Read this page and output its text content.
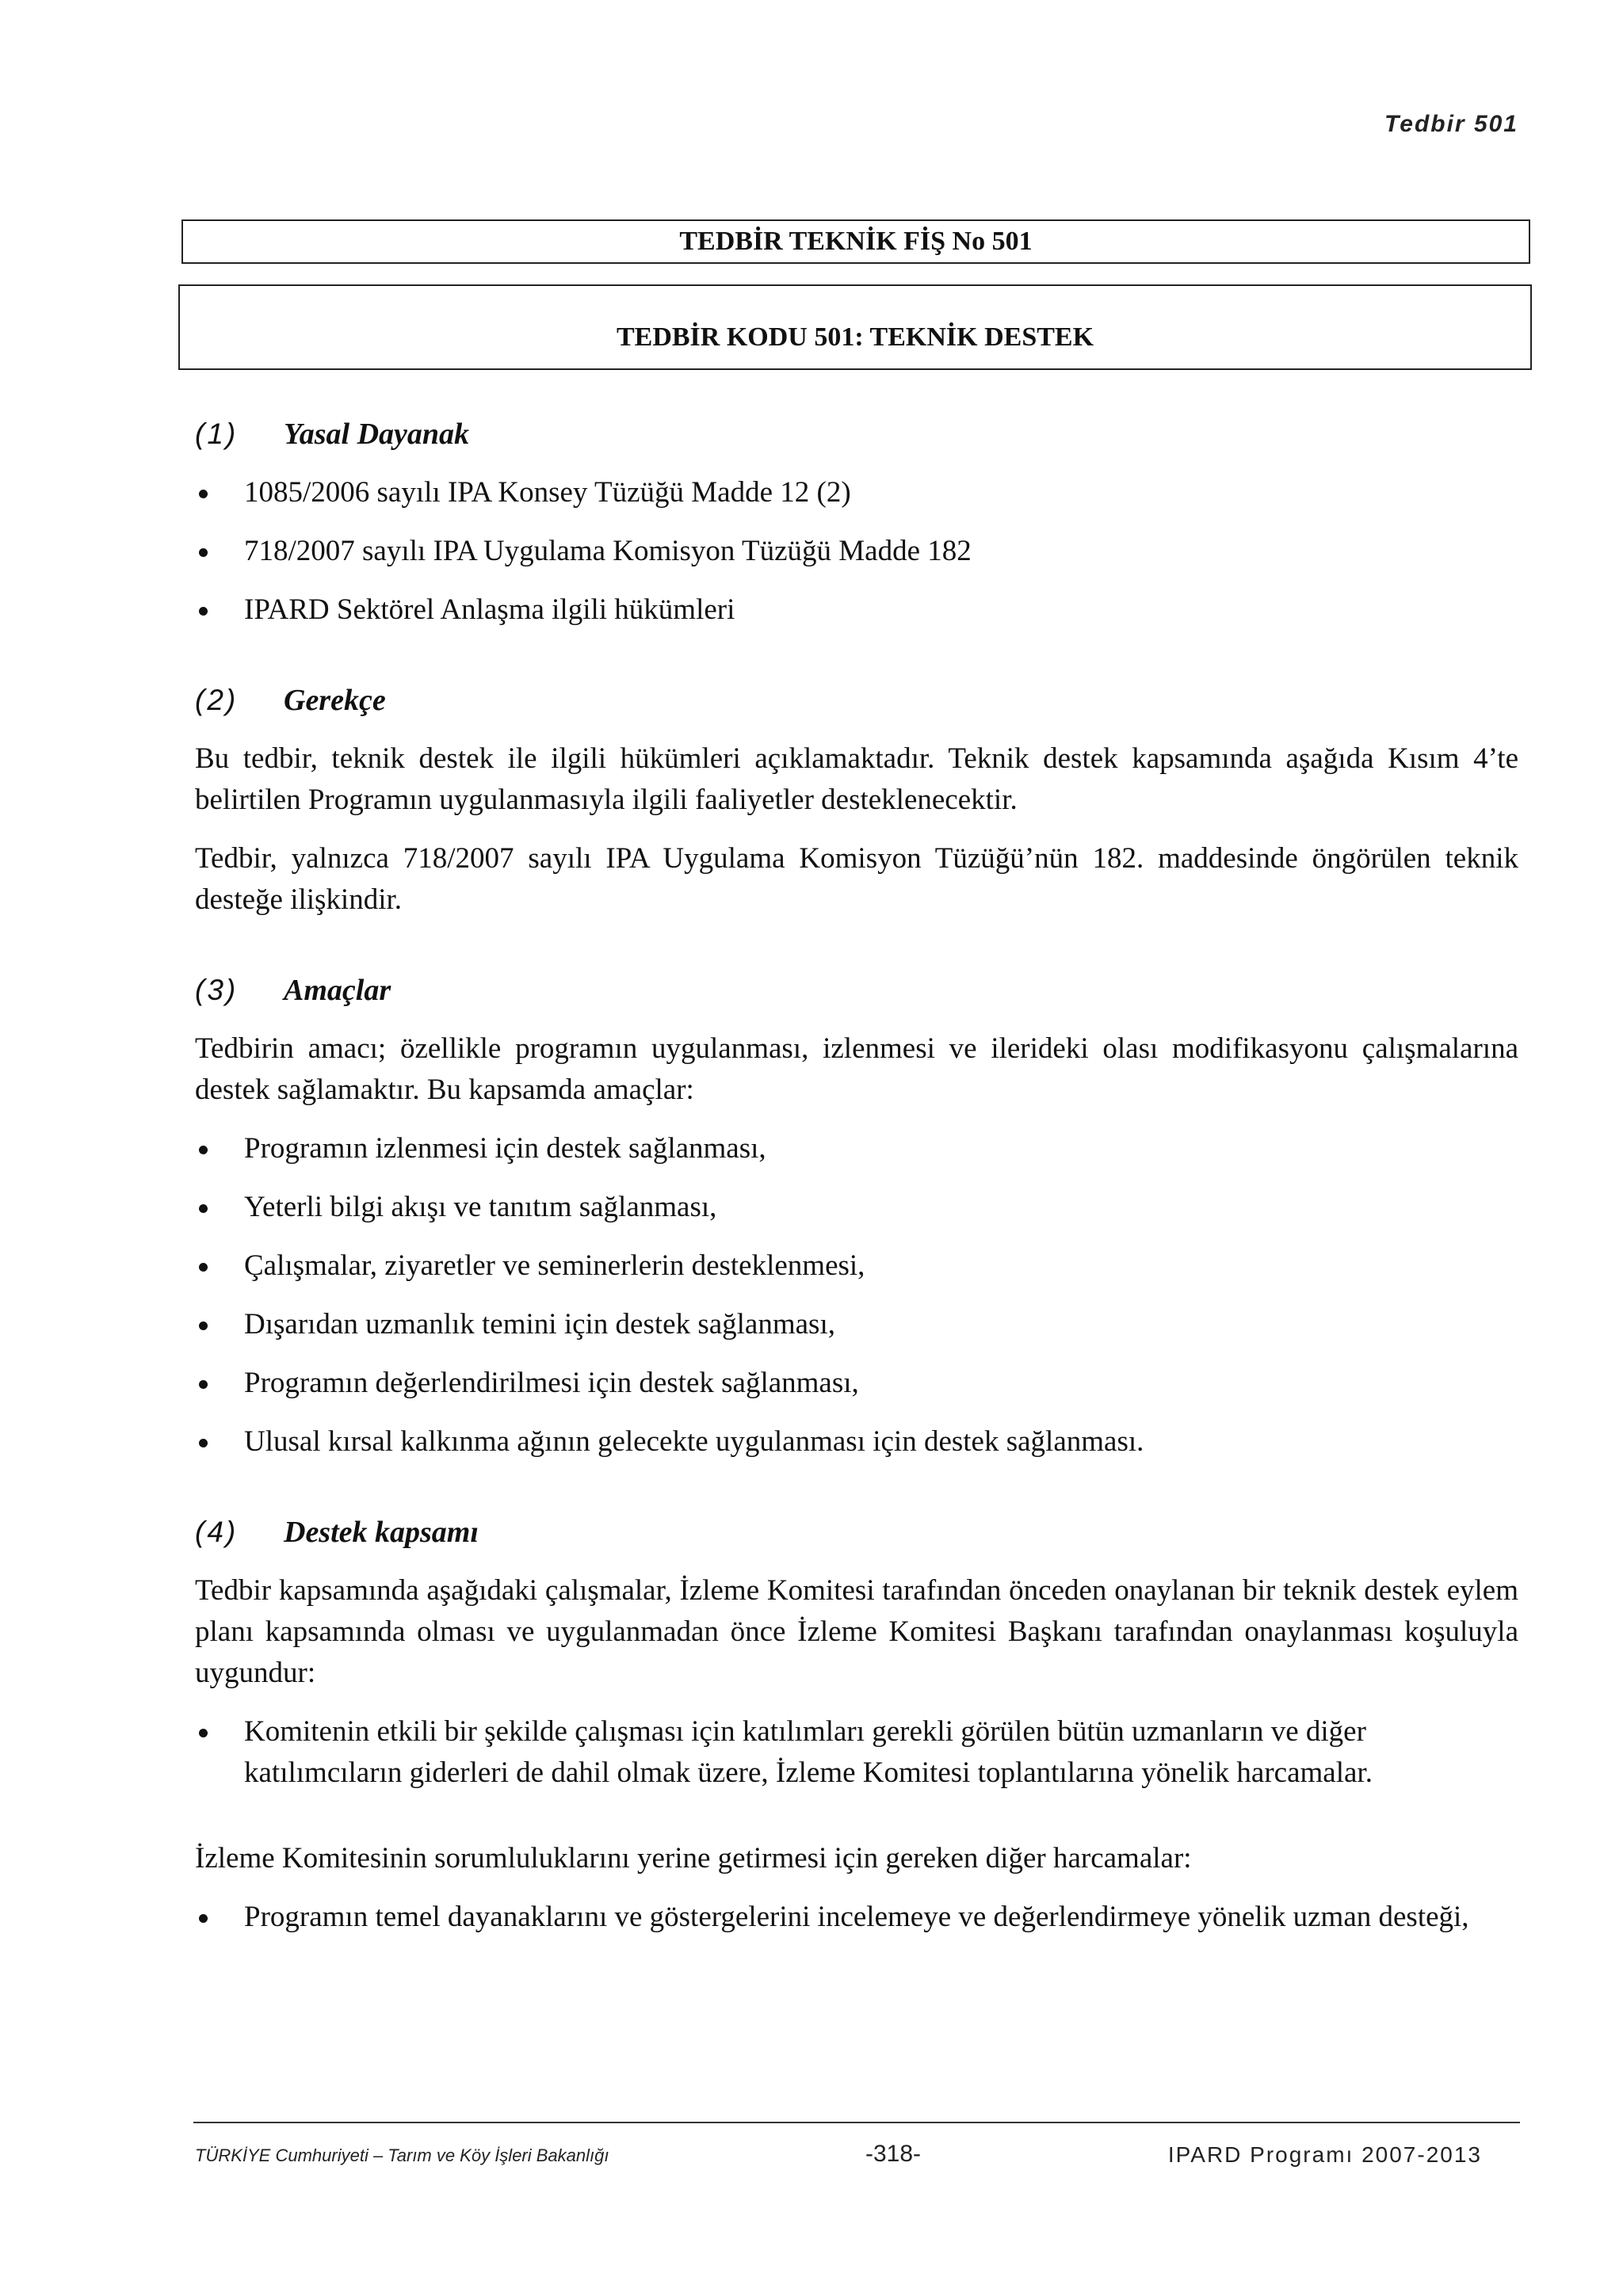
Tedbir 501
TEDBİR TEKNİK FİŞ No 501
TEDBİR KODU 501: TEKNİK DESTEK
(1)	Yasal Dayanak
1085/2006 sayılı IPA Konsey Tüzüğü Madde 12 (2)
718/2007 sayılı IPA Uygulama Komisyon Tüzüğü Madde 182
IPARD Sektörel Anlaşma ilgili hükümleri
(2)	Gerekçe

Bu tedbir, teknik destek ile ilgili hükümleri açıklamaktadır. Teknik destek kapsamında aşağıda Kısım 4’te belirtilen Programın uygulanmasıyla ilgili faaliyetler desteklenecektir.

Tedbir, yalnızca 718/2007 sayılı IPA Uygulama Komisyon Tüzüğü’nün 182. maddesinde öngörülen teknik desteğe ilişkindir.

(3)	Amaçlar

Tedbirin amacı; özellikle programın uygulanması, izlenmesi ve ilerideki olası modifikasyonu çalışmalarına destek sağlamaktır. Bu kapsamda amaçlar:

Programın izlenmesi için destek sağlanması,
Yeterli bilgi akışı ve tanıtım sağlanması,
Çalışmalar, ziyaretler ve seminerlerin desteklenmesi,
Dışarıdan uzmanlık temini için destek sağlanması,
Programın değerlendirilmesi için destek sağlanması,
Ulusal kırsal kalkınma ağının gelecekte uygulanması için destek sağlanması.
(4)	Destek kapsamı

Tedbir kapsamında aşağıdaki çalışmalar, İzleme Komitesi tarafından önceden onaylanan bir teknik destek eylem planı kapsamında olması ve uygulanmadan önce İzleme Komitesi Başkanı tarafından onaylanması koşuluyla uygundur:

Komitenin etkili bir şekilde çalışması için katılımları gerekli görülen bütün uzmanların ve diğer katılımcıların giderleri de dahil olmak üzere, İzleme Komitesi toplantılarına yönelik harcamalar.

İzleme Komitesinin sorumluluklarını yerine getirmesi için gereken diğer harcamalar:

Programın temel dayanaklarını ve göstergelerini incelemeye ve değerlendirmeye yönelik uzman desteği,
TÜRKİYE Cumhuriyeti – Tarım ve Köy İşleri Bakanlığı	-318-	IPARD Programı 2007-2013
